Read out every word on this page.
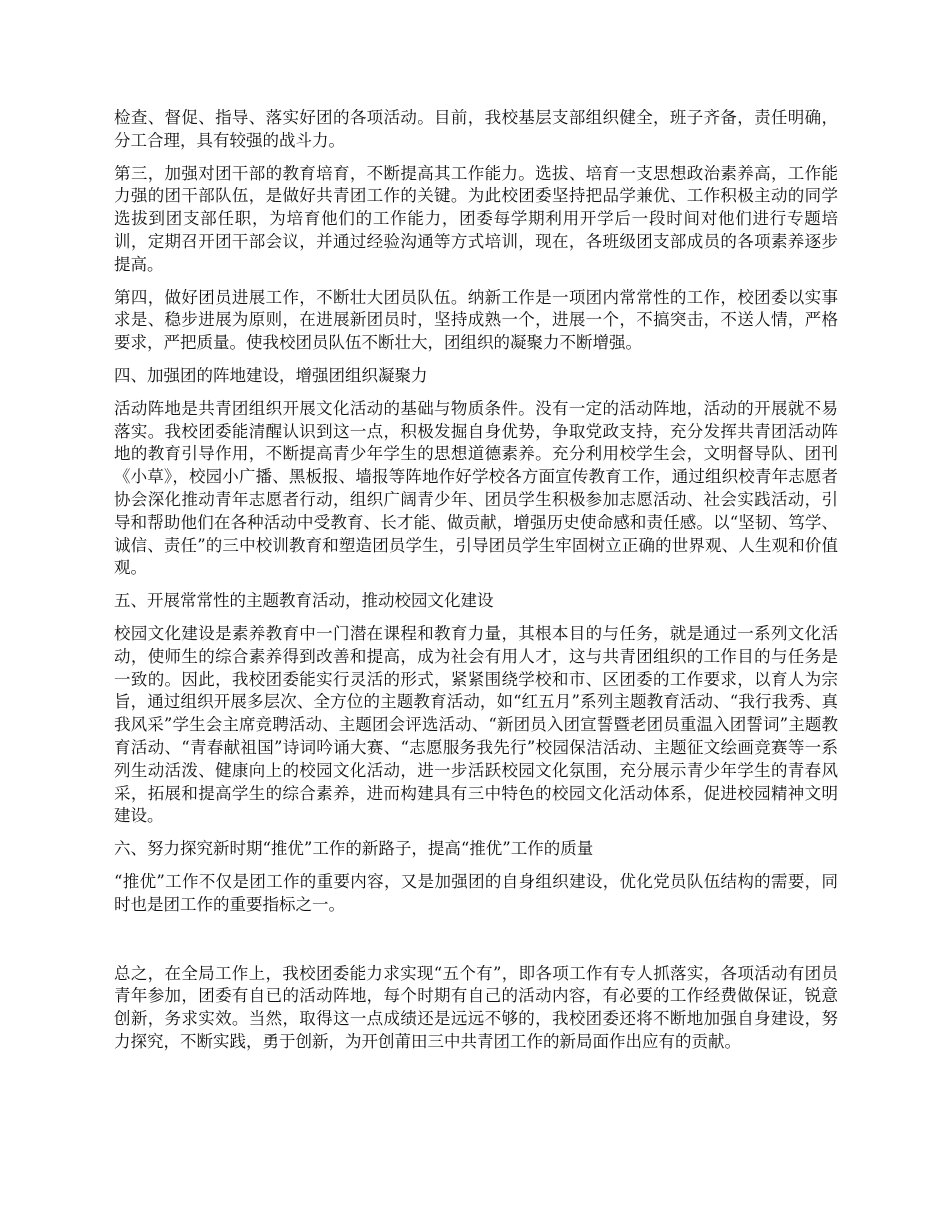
检查、督促、指导、落实好团的各项活动。目前，我校基层支部组织健全，班子齐备，责任明确，分工合理，具有较强的战斗力。

第三，加强对团干部的教育培育，不断提高其工作能力。选拔、培育一支思想政治素养高，工作能力强的团干部队伍，是做好共青团工作的关键。为此校团委坚持把品学兼优、工作积极主动的同学选拔到团支部任职，为培育他们的工作能力，团委每学期利用开学后一段时间对他们进行专题培训，定期召开团干部会议，并通过经验沟通等方式培训，现在，各班级团支部成员的各项素养逐步提高。

第四，做好团员进展工作，不断壮大团员队伍。纳新工作是一项团内常常性的工作，校团委以实事求是、稳步进展为原则，在进展新团员时，坚持成熟一个，进展一个，不搞突击，不送人情，严格要求，严把质量。使我校团员队伍不断壮大，团组织的凝聚力不断增强。

四、加强团的阵地建设，增强团组织凝聚力

活动阵地是共青团组织开展文化活动的基础与物质条件。没有一定的活动阵地，活动的开展就不易落实。我校团委能清醒认识到这一点，积极发掘自身优势，争取党政支持，充分发挥共青团活动阵地的教育引导作用，不断提高青少年学生的思想道德素养。充分利用校学生会，文明督导队、团刊《小草》，校园小广播、黑板报、墙报等阵地作好学校各方面宣传教育工作，通过组织校青年志愿者协会深化推动青年志愿者行动，组织广阔青少年、团员学生积极参加志愿活动、社会实践活动，引导和帮助他们在各种活动中受教育、长才能、做贡献，增强历史使命感和责任感。以“坚韧、笃学、诚信、责任”的三中校训教育和塑造团员学生，引导团员学生牢固树立正确的世界观、人生观和价值观。

五、开展常常性的主题教育活动，推动校园文化建设

校园文化建设是素养教育中一门潜在课程和教育力量，其根本目的与任务，就是通过一系列文化活动，使师生的综合素养得到改善和提高，成为社会有用人才，这与共青团组织的工作目的与任务是一致的。因此，我校团委能实行灵活的形式，紧紧围绕学校和市、区团委的工作要求，以育人为宗旨，通过组织开展多层次、全方位的主题教育活动，如“红五月”系列主题教育活动、“我行我秀、真我风采”学生会主席竞聘活动、主题团会评选活动、“新团员入团宣誓暨老团员重温入团誓词”主题教育活动、“青春献祖国”诗词吟诵大赛、“志愿服务我先行”校园保洁活动、主题征文绘画竞赛等一系列生动活泼、健康向上的校园文化活动，进一步活跃校园文化氛围，充分展示青少年学生的青春风采，拓展和提高学生的综合素养，进而构建具有三中特色的校园文化活动体系，促进校园精神文明建设。

六、努力探究新时期“推优”工作的新路子，提高“推优”工作的质量

“推优”工作不仅是团工作的重要内容，又是加强团的自身组织建设，优化党员队伍结构的需要，同时也是团工作的重要指标之一。

总之，在全局工作上，我校团委能力求实现“五个有”，即各项工作有专人抓落实，各项活动有团员青年参加，团委有自已的活动阵地，每个时期有自己的活动内容，有必要的工作经费做保证，锐意创新，务求实效。当然，取得这一点成绩还是远远不够的，我校团委还将不断地加强自身建设，努力探究，不断实践，勇于创新，为开创莆田三中共青团工作的新局面作出应有的贡献。
